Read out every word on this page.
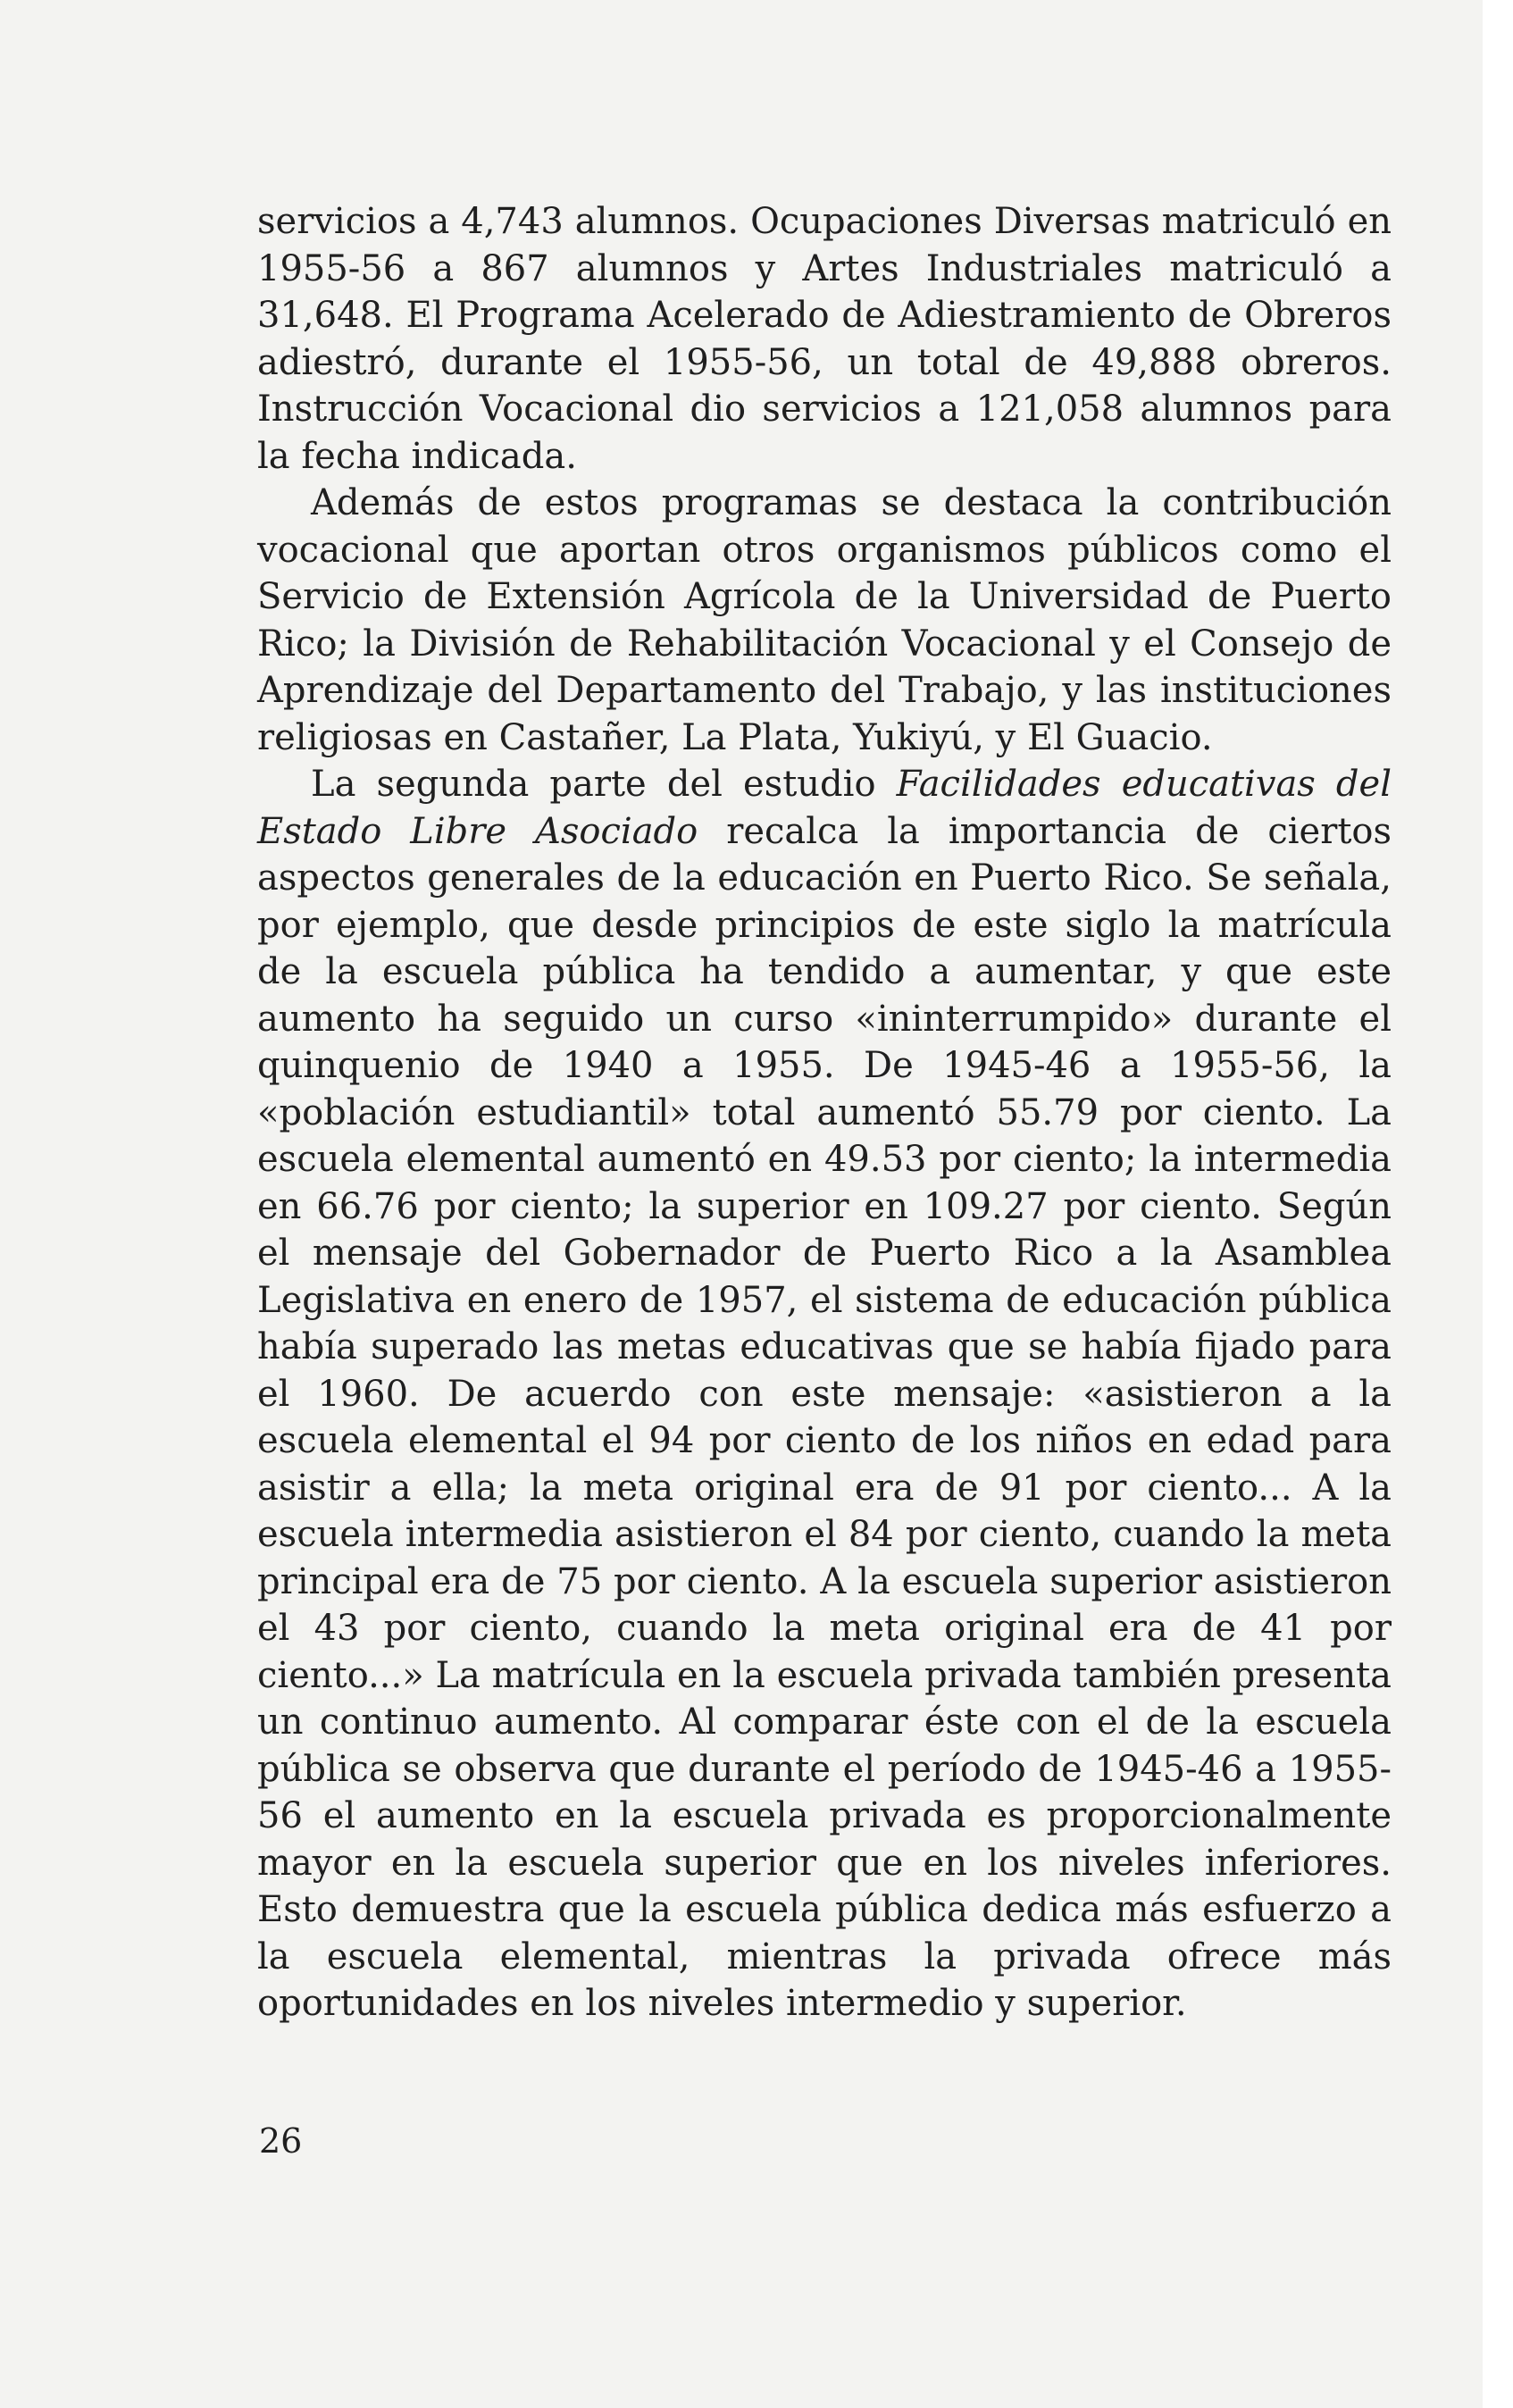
servicios a 4,743 alumnos. Ocupaciones Diversas matriculó en 1955-56 a 867 alumnos y Artes Industriales matriculó a 31,648. El Programa Acelerado de Adiestramiento de Obreros adiestró, durante el 1955-56, un total de 49,888 obreros. Instrucción Vocacional dio servicios a 121,058 alumnos para la fecha indicada.

Además de estos programas se destaca la contribución vocacional que aportan otros organismos públicos como el Servicio de Extensión Agrícola de la Universidad de Puerto Rico; la División de Rehabilitación Vocacional y el Consejo de Aprendizaje del Departamento del Trabajo, y las instituciones religiosas en Castañer, La Plata, Yukiyú, y El Guacio.

La segunda parte del estudio Facilidades educativas del Estado Libre Asociado recalca la importancia de ciertos aspectos generales de la educación en Puerto Rico. Se señala, por ejemplo, que desde principios de este siglo la matrícula de la escuela pública ha tendido a aumentar, y que este aumento ha seguido un curso «ininterrumpido» durante el quinquenio de 1940 a 1955. De 1945-46 a 1955-56, la «población estudiantil» total aumentó 55.79 por ciento. La escuela elemental aumentó en 49.53 por ciento; la intermedia en 66.76 por ciento; la superior en 109.27 por ciento. Según el mensaje del Gobernador de Puerto Rico a la Asamblea Legislativa en enero de 1957, el sistema de educación pública había superado las metas educativas que se había fijado para el 1960. De acuerdo con este mensaje: «asistieron a la escuela elemental el 94 por ciento de los niños en edad para asistir a ella; la meta original era de 91 por ciento... A la escuela intermedia asistieron el 84 por ciento, cuando la meta principal era de 75 por ciento. A la escuela superior asistieron el 43 por ciento, cuando la meta original era de 41 por ciento...» La matrícula en la escuela privada también presenta un continuo aumento. Al comparar éste con el de la escuela pública se observa que durante el período de 1945-46 a 1955-56 el aumento en la escuela privada es proporcionalmente mayor en la escuela superior que en los niveles inferiores. Esto demuestra que la escuela pública dedica más esfuerzo a la escuela elemental, mientras la privada ofrece más oportunidades en los niveles intermedio y superior.

26
